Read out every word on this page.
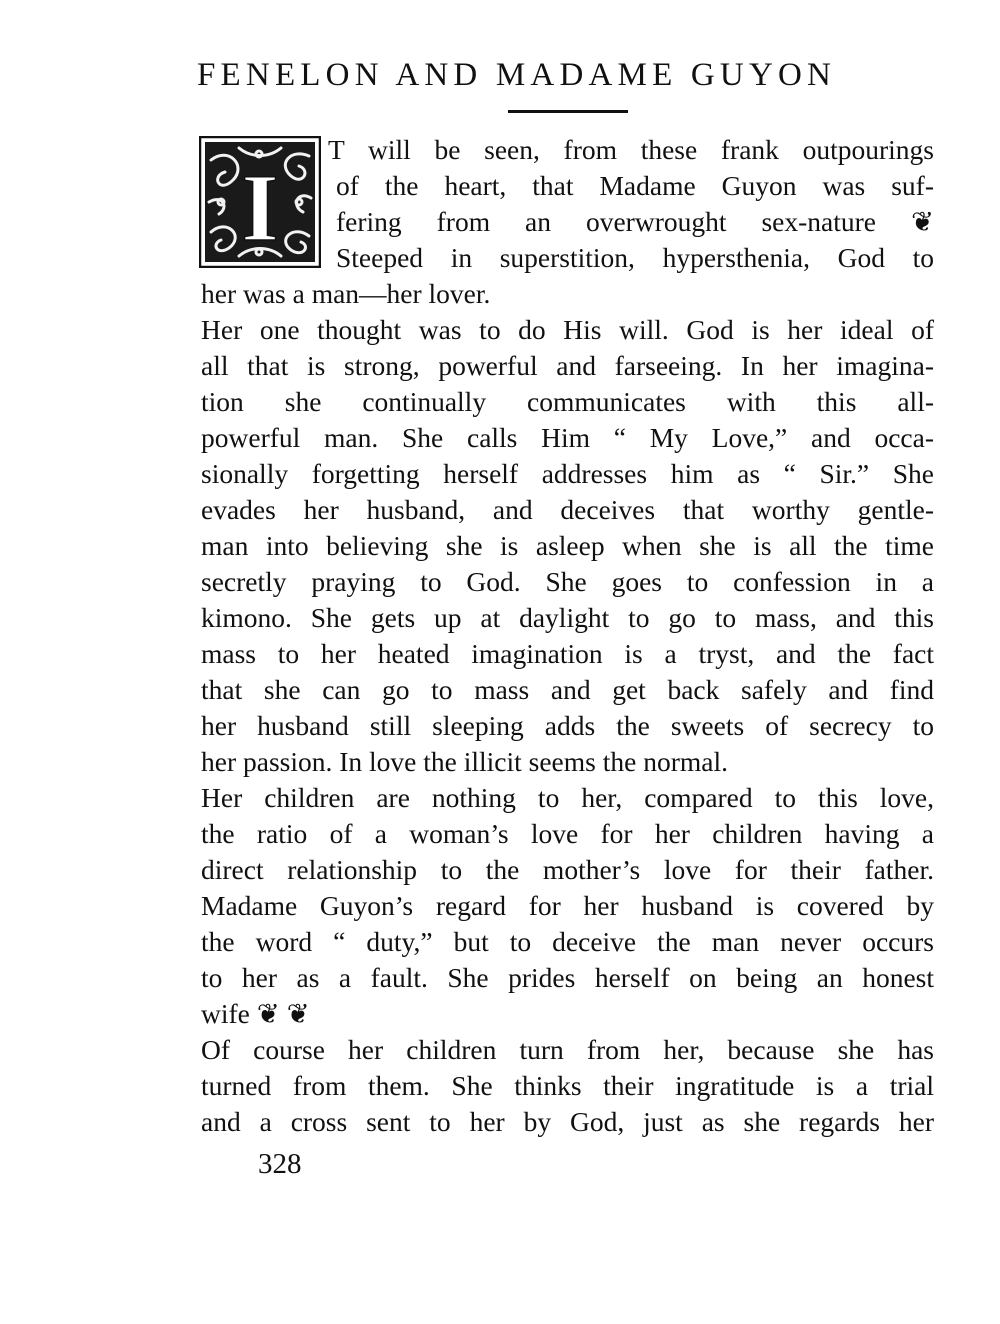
FENELON AND MADAME GUYON
I
T will be seen, from these frank outpourings
of the heart, that Madame Guyon was suf-
fering from an overwrought sex-nature ❦
Steeped in superstition, hypersthenia, God to
her was a man—her lover.
Her one thought was to do His will. God is her ideal of
all that is strong, powerful and farseeing. In her imagina-
tion she continually communicates with this all-
powerful man. She calls Him “ My Love,” and occa-
sionally forgetting herself addresses him as “ Sir.” She
evades her husband, and deceives that worthy gentle-
man into believing she is asleep when she is all the time
secretly praying to God. She goes to confession in a
kimono. She gets up at daylight to go to mass, and this
mass to her heated imagination is a tryst, and the fact
that she can go to mass and get back safely and find
her husband still sleeping adds the sweets of secrecy to
her passion. In love the illicit seems the normal.
Her children are nothing to her, compared to this love,
the ratio of a woman’s love for her children having a
direct relationship to the mother’s love for their father.
Madame Guyon’s regard for her husband is covered by
the word “ duty,” but to deceive the man never occurs
to her as a fault. She prides herself on being an honest
wife ❦ ❦
Of course her children turn from her, because she has
turned from them. She thinks their ingratitude is a trial
and a cross sent to her by God, just as she regards her
328
